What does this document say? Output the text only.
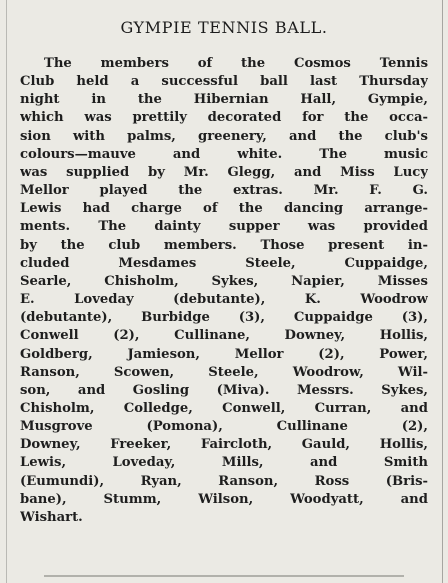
GYMPIE TENNIS BALL.
The members of the Cosmos Tennis
Club held a successful ball last Thursday
night in the Hibernian Hall, Gympie,
which was prettily decorated for the occa-
sion with palms, greenery, and the club's
colours—mauve and white. The music
was supplied by Mr. Glegg, and Miss Lucy
Mellor played the extras. Mr. F. G.
Lewis had charge of the dancing arrange-
ments. The dainty supper was provided
by the club members. Those present in-
cluded Mesdames Steele, Cuppaidge,
Searle, Chisholm, Sykes, Napier, Misses
E. Loveday (debutante), K. Woodrow
(debutante), Burbidge (3), Cuppaidge (3),
Conwell (2), Cullinane, Downey, Hollis,
Goldberg, Jamieson, Mellor (2), Power,
Ranson, Scowen, Steele, Woodrow, Wil-
son, and Gosling (Miva). Messrs. Sykes,
Chisholm, Colledge, Conwell, Curran, and
Musgrove (Pomona), Cullinane (2),
Downey, Freeker, Faircloth, Gauld, Hollis,
Lewis, Loveday, Mills, and Smith
(Eumundi), Ryan, Ranson, Ross (Bris-
bane), Stumm, Wilson, Woodyatt, and
Wishart.
